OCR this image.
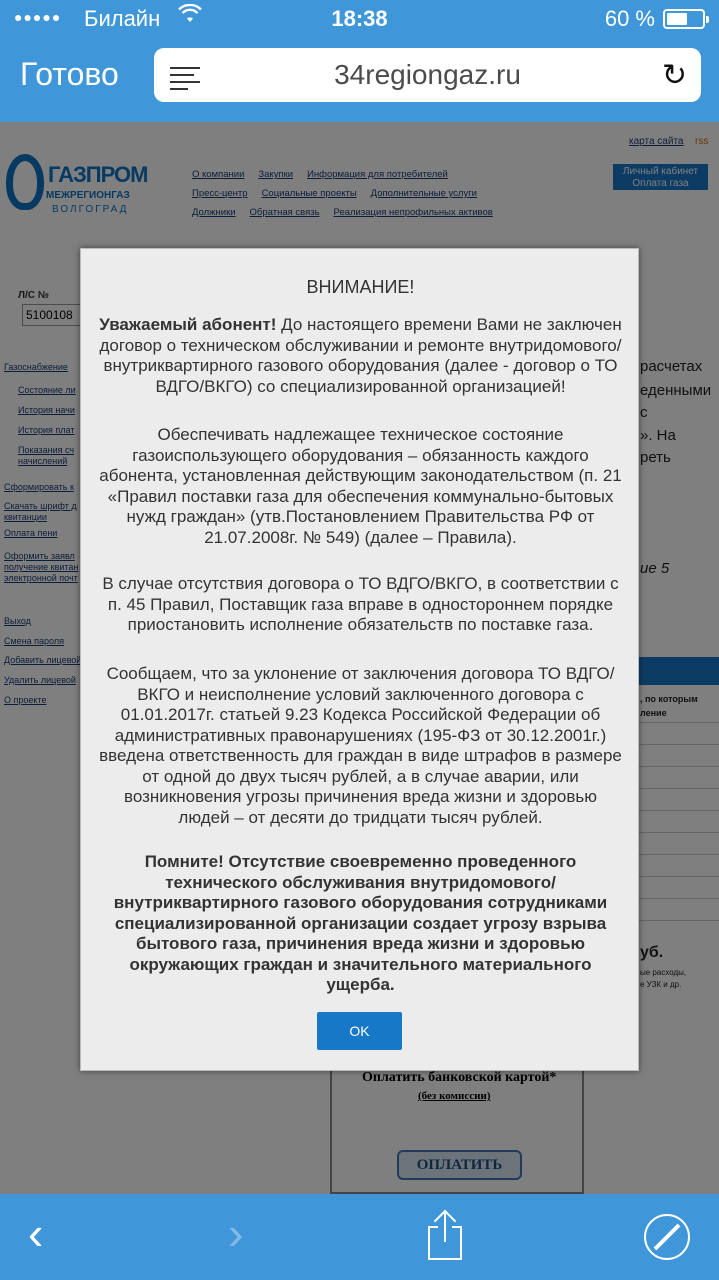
●●●●● Билайн	18:38	60 %
Готово	34regiongaz.ru	↻
ВНИМАНИЕ!
Уважаемый абонент! До настоящего времени Вами не заключен договор о техническом обслуживании и ремонте внутридомового/внутриквартирного газового оборудования (далее - договор о ТО ВДГО/ВКГО) со специализированной организацией!
Обеспечивать надлежащее техническое состояние газоиспользующего оборудования – обязанность каждого абонента, установленная действующим законодательством (п. 21 «Правил поставки газа для обеспечения коммунально-бытовых нужд граждан» (утв.Постановлением Правительства РФ от 21.07.2008г. № 549) (далее – Правила).
В случае отсутствия договора о ТО ВДГО/ВКГО, в соответствии с п. 45 Правил, Поставщик газа вправе в одностороннем порядке приостановить исполнение обязательств по поставке газа.
Сообщаем, что за уклонение от заключения договора ТО ВДГО/ВКГО и неисполнение условий заключенного договора с 01.01.2017г. статьей 9.23 Кодекса Российской Федерации об административных правонарушениях (195-ФЗ от 30.12.2001г.) введена ответственность для граждан в виде штрафов в размере от одной до двух тысяч рублей, а в случае аварии, или возникновения угрозы причинения вреда жизни и здоровью людей – от десяти до тридцати тысяч рублей.
Помните! Отсутствие своевременно проведенного технического обслуживания внутридомового/внутриквартирного газового оборудования сотрудниками специализированной организации создает угрозу взрыва бытового газа, причинения вреда жизни и здоровью окружающих граждан и значительного материального ущерба.
OK
‹	›
